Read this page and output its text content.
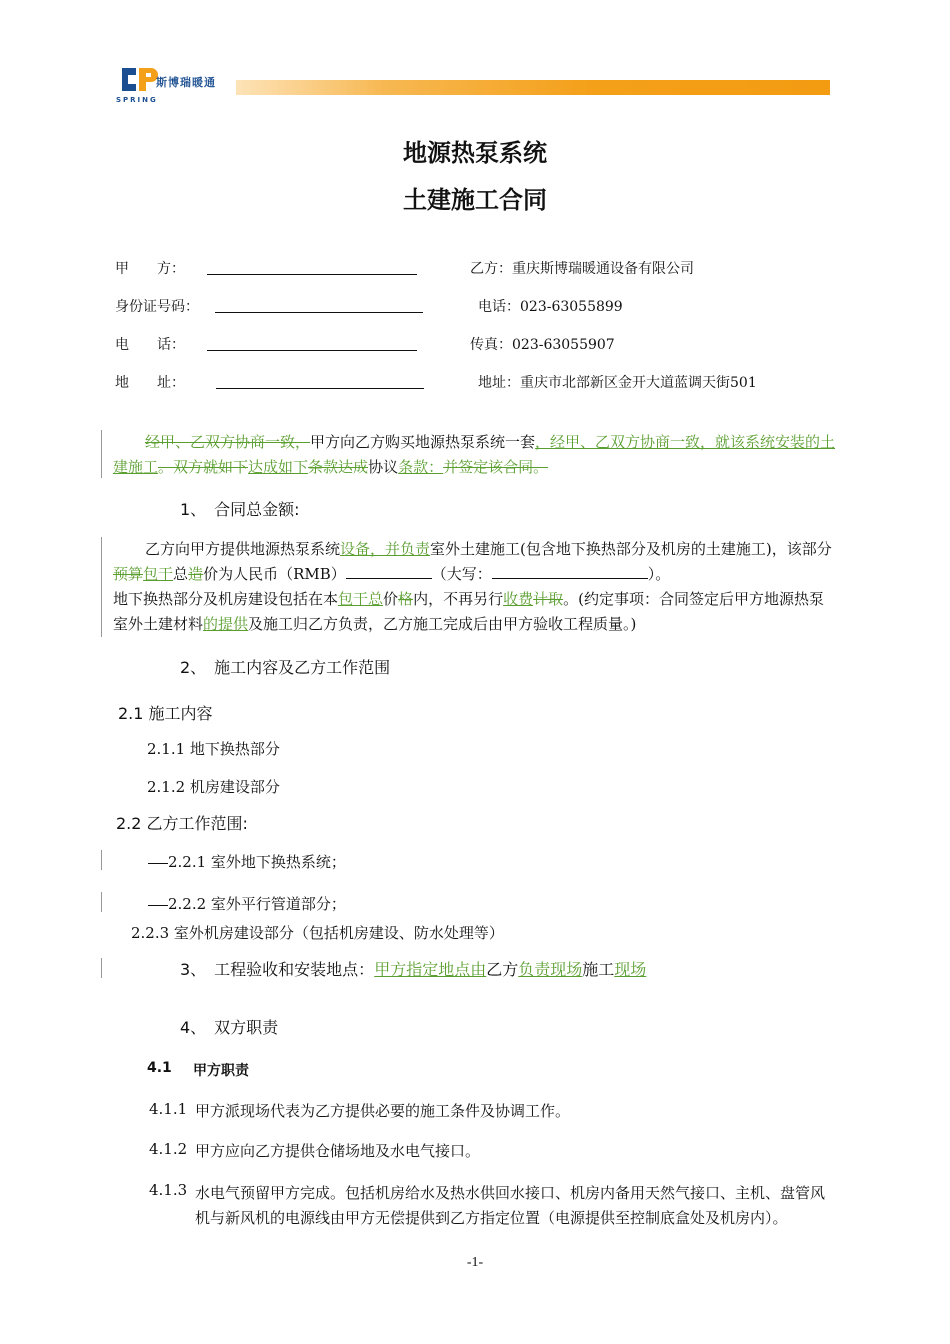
斯博瑞暖通
SPRING
地源热泵系统
土建施工合同
甲　　方：
身份证号码：
电　　话：
地　　址：
乙方：重庆斯博瑞暖通设备有限公司
电话：023-63055899
传真：023-63055907
地址：重庆市北部新区金开大道蓝调天街501
经甲、乙双方协商一致，甲方向乙方购买地源热泵系统一套，经甲、乙双方协商一致，就该系统安装的土建施工。双方就如下达成如下条款达成协议条款：并签定该合同。
1、　合同总金额:
乙方向甲方提供地源热泵系统设备，并负责室外土建施工(包含地下换热部分及机房的土建施工)，该部分预算包干总造价为人民币（RMB）	（大写：	）。
地下换热部分及机房建设包括在本包干总价格内，不再另行收费计取。(约定事项：合同签定后甲方地源热泵室外土建材料的提供及施工归乙方负责，乙方施工完成后由甲方验收工程质量。)
2、　施工内容及乙方工作范围
2.1 施工内容
2.1.1 地下换热部分
2.1.2 机房建设部分
2.2 乙方工作范围:
2.2.1 室外地下换热系统；
2.2.2 室外平行管道部分；
2.2.3 室外机房建设部分（包括机房建设、防水处理等）
3、　工程验收和安装地点：甲方指定地点由乙方负责现场施工现场
4、　双方职责
4.1 甲方职责
4.1.1 甲方派现场代表为乙方提供必要的施工条件及协调工作。
4.1.2 甲方应向乙方提供仓储场地及水电气接口。
4.1.3 水电气预留甲方完成。包括机房给水及热水供回水接口、机房内备用天然气接口、主机、盘管风机与新风机的电源线由甲方无偿提供到乙方指定位置（电源提供至控制底盒处及机房内）。
-1-
